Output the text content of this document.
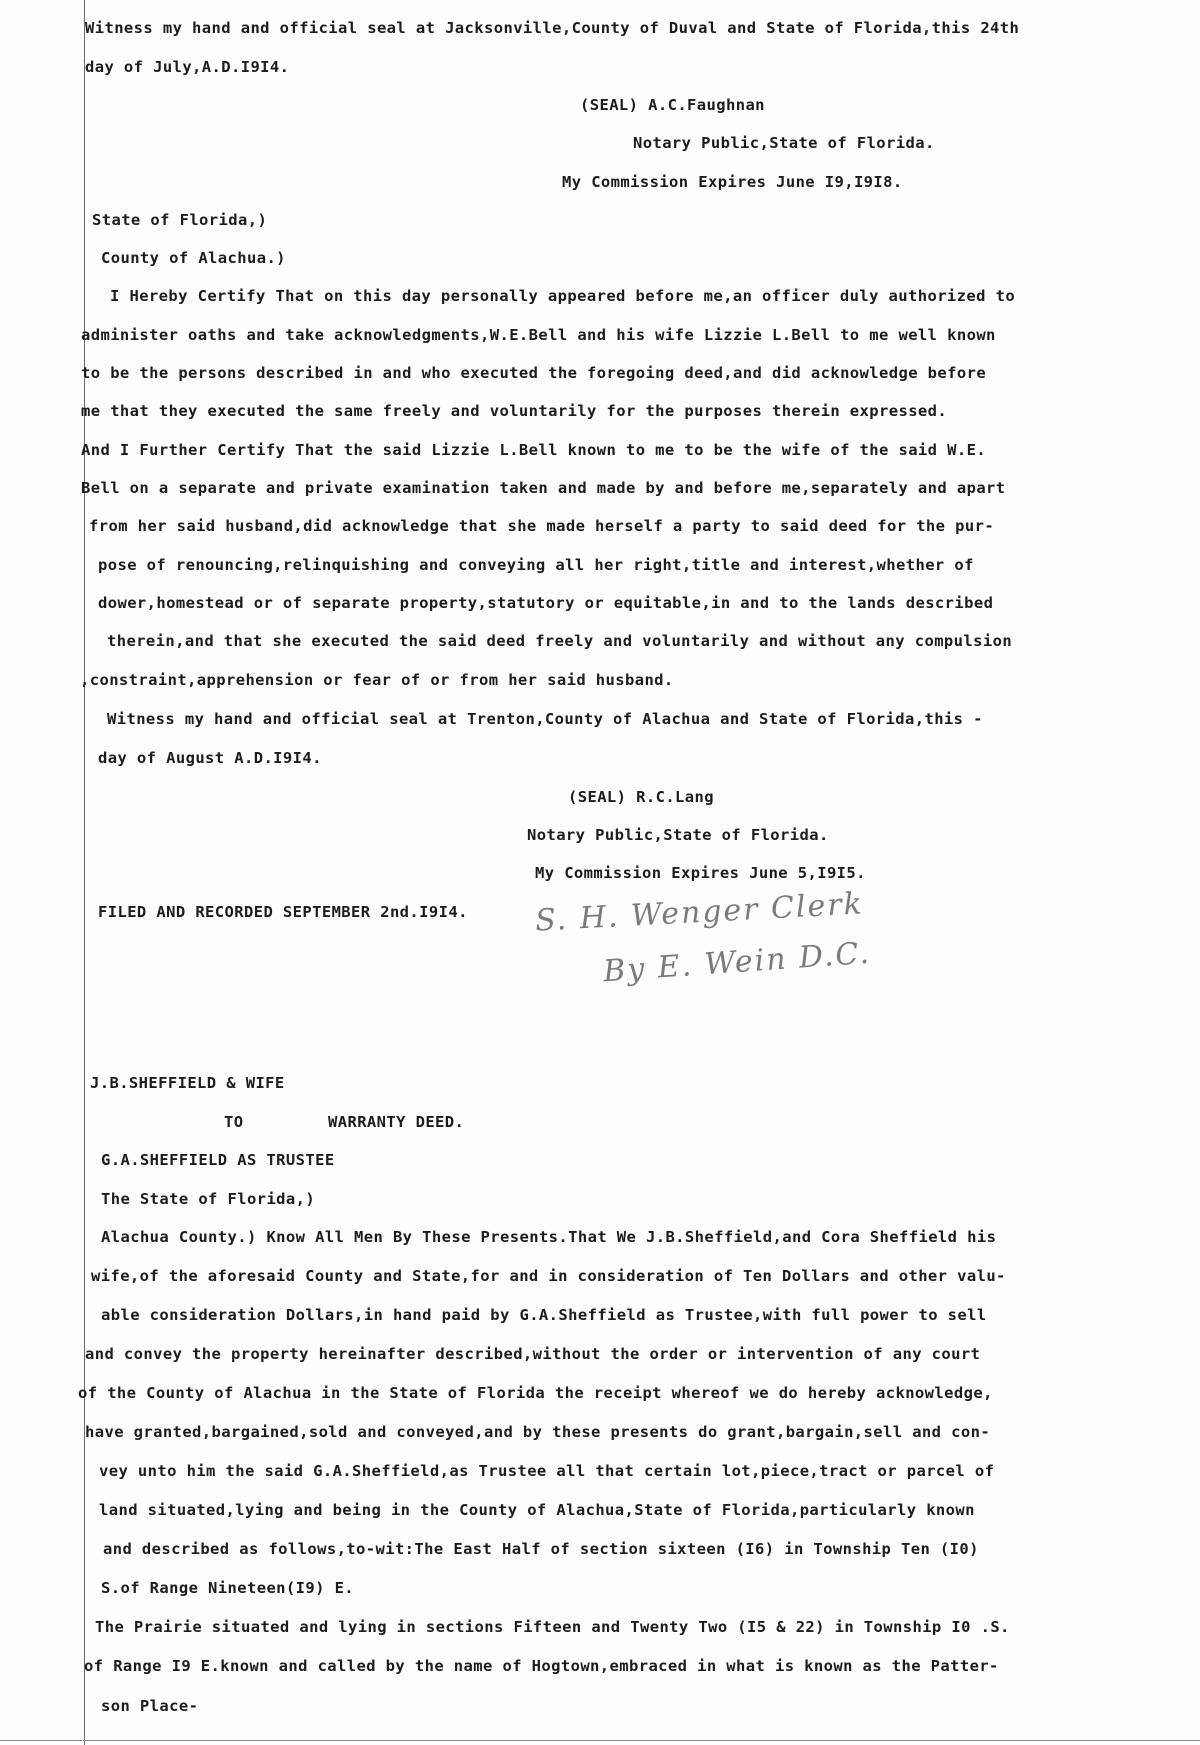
Witness my hand and official seal at Jacksonville,County of Duval and State of Florida,this 24th
day of July,A.D.I9I4.
(SEAL) A.C.Faughnan
Notary Public,State of Florida.
My Commission Expires June I9,I9I8.
State of Florida,)
County of Alachua.)
I Hereby Certify That on this day personally appeared before me,an officer duly authorized to
administer oaths and take acknowledgments,W.E.Bell and his wife Lizzie L.Bell to me well known
to be the persons described in and who executed the foregoing deed,and did acknowledge before
me that they executed the same freely and voluntarily for the purposes therein expressed.
And I Further Certify That the said Lizzie L.Bell known to me to be the wife of the said W.E.
Bell on a separate and private examination taken and made by and before me,separately and apart
from her said husband,did acknowledge that she made herself a party to said deed for the pur-
pose of renouncing,relinquishing and conveying all her right,title and interest,whether of
dower,homestead or of separate property,statutory or equitable,in and to the lands described
therein,and that she executed the said deed freely and voluntarily and without any compulsion
,constraint,apprehension or fear of or from her said husband.
Witness my hand and official seal at Trenton,County of Alachua and State of Florida,this -
day of August A.D.I9I4.
(SEAL) R.C.Lang
Notary Public,State of Florida.
My Commission Expires June 5,I9I5.
FILED AND RECORDED SEPTEMBER 2nd.I9I4. S. H. Wenger Clerk
By E. Wein D.C.
J.B.SHEFFIELD & WIFE
TO	WARRANTY DEED.
G.A.SHEFFIELD AS TRUSTEE
The State of Florida,)
Alachua County.) Know All Men By These Presents.That We J.B.Sheffield,and Cora Sheffield his
wife,of the aforesaid County and State,for and in consideration of Ten Dollars and other valu-
able consideration Dollars,in hand paid by G.A.Sheffield as Trustee,with full power to sell
and convey the property hereinafter described,without the order or intervention of any court
of the County of Alachua in the State of Florida the receipt whereof we do hereby acknowledge,
have granted,bargained,sold and conveyed,and by these presents do grant,bargain,sell and con-
vey unto him the said G.A.Sheffield,as Trustee all that certain lot,piece,tract or parcel of
land situated,lying and being in the County of Alachua,State of Florida,particularly known
and described as follows,to-wit:The East Half of section sixteen (I6) in Township Ten (I0)
S.of Range Nineteen(I9) E.
The Prairie situated and lying in sections Fifteen and Twenty Two (I5 & 22) in Township I0 .S.
of Range I9 E.known and called by the name of Hogtown,embraced in what is known as the Patter-
son Place-
